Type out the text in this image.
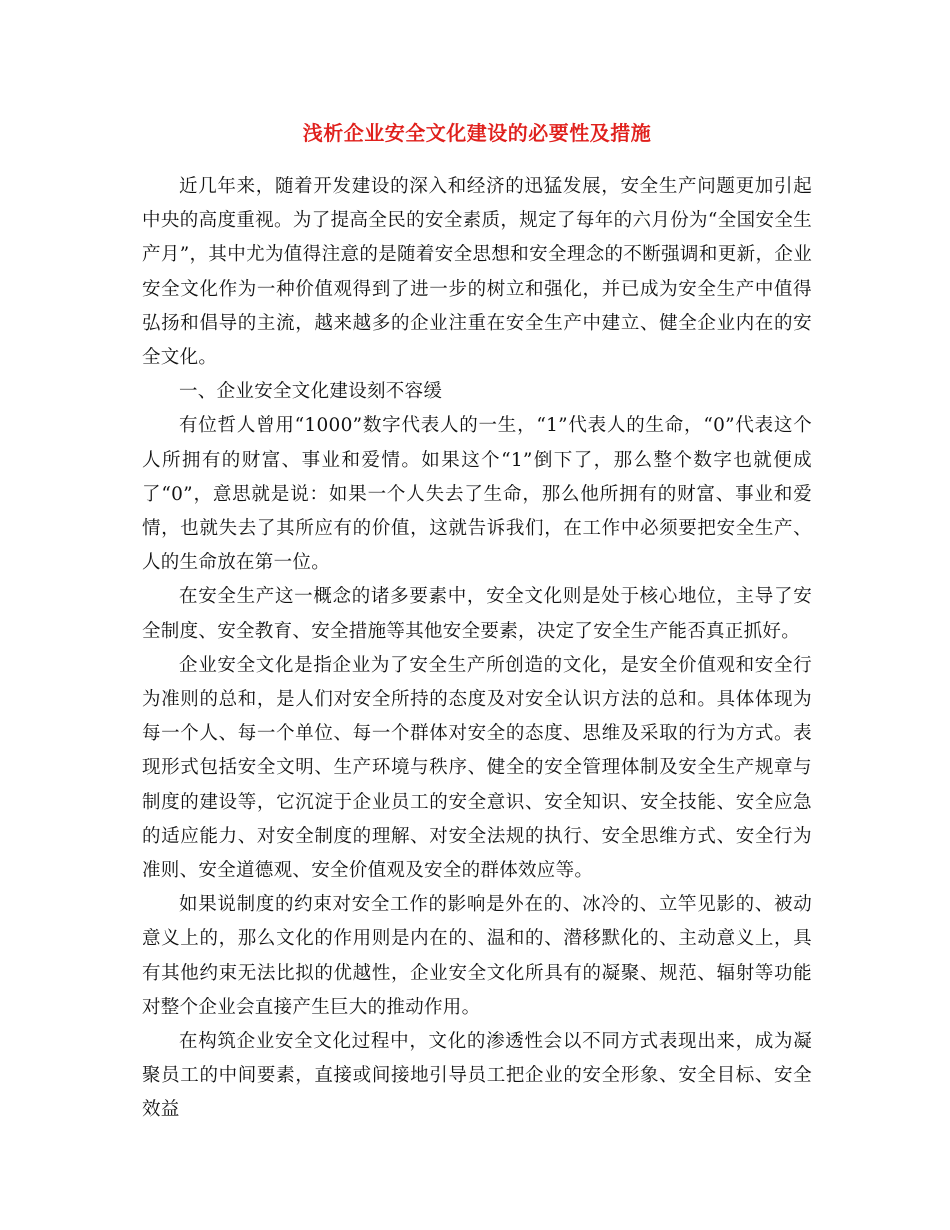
浅析企业安全文化建设的必要性及措施

近几年来，随着开发建设的深入和经济的迅猛发展，安全生产问题更加引起中央的高度重视。为了提高全民的安全素质，规定了每年的六月份为“全国安全生产月”，其中尤为值得注意的是随着安全思想和安全理念的不断强调和更新，企业安全文化作为一种价值观得到了进一步的树立和强化，并已成为安全生产中值得弘扬和倡导的主流，越来越多的企业注重在安全生产中建立、健全企业内在的安全文化。

一、企业安全文化建设刻不容缓

有位哲人曾用“1000”数字代表人的一生，“1”代表人的生命，“0”代表这个人所拥有的财富、事业和爱情。如果这个“1”倒下了，那么整个数字也就便成了“0”，意思就是说：如果一个人失去了生命，那么他所拥有的财富、事业和爱情，也就失去了其所应有的价值，这就告诉我们，在工作中必须要把安全生产、人的生命放在第一位。

在安全生产这一概念的诸多要素中，安全文化则是处于核心地位，主导了安全制度、安全教育、安全措施等其他安全要素，决定了安全生产能否真正抓好。

企业安全文化是指企业为了安全生产所创造的文化，是安全价值观和安全行为准则的总和，是人们对安全所持的态度及对安全认识方法的总和。具体体现为每一个人、每一个单位、每一个群体对安全的态度、思维及采取的行为方式。表现形式包括安全文明、生产环境与秩序、健全的安全管理体制及安全生产规章与制度的建设等，它沉淀于企业员工的安全意识、安全知识、安全技能、安全应急的适应能力、对安全制度的理解、对安全法规的执行、安全思维方式、安全行为准则、安全道德观、安全价值观及安全的群体效应等。

如果说制度的约束对安全工作的影响是外在的、冰冷的、立竿见影的、被动意义上的，那么文化的作用则是内在的、温和的、潜移默化的、主动意义上，具有其他约束无法比拟的优越性，企业安全文化所具有的凝聚、规范、辐射等功能对整个企业会直接产生巨大的推动作用。

在构筑企业安全文化过程中，文化的渗透性会以不同方式表现出来，成为凝聚员工的中间要素，直接或间接地引导员工把企业的安全形象、安全目标、安全效益
